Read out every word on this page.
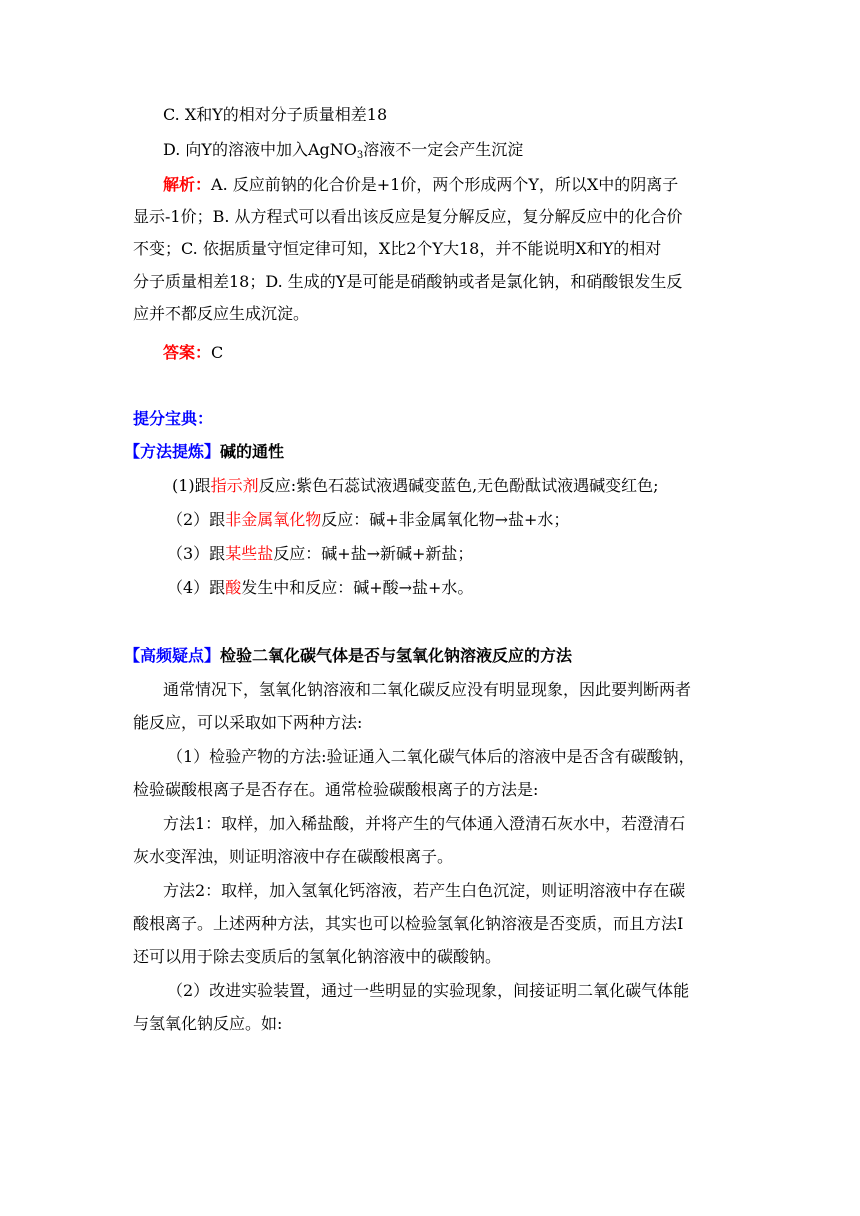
C. X和Y的相对分子质量相差18
D. 向Y的溶液中加入AgNO$_3$溶液不一定会产生沉淀
解析：A. 反应前钠的化合价是+1价，两个形成两个Y，所以X中的阴离子
显示-1价；B. 从方程式可以看出该反应是复分解反应，复分解反应中的化合价
不变；C. 依据质量守恒定律可知，X比2个Y大18，并不能说明X和Y的相对
分子质量相差18；D. 生成的Y是可能是硝酸钠或者是氯化钠，和硝酸银发生反
应并不都反应生成沉淀。
答案：C
提分宝典：
【方法提炼】碱的通性
(1)跟指示剂反应:紫色石蕊试液遇碱变蓝色,无色酚酞试液遇碱变红色;
（2）跟非金属氧化物反应：碱+非金属氧化物→盐+水；
（3）跟某些盐反应：碱+盐→新碱+新盐；
（4）跟酸发生中和反应：碱+酸→盐+水。
【高频疑点】检验二氧化碳气体是否与氢氧化钠溶液反应的方法
通常情况下，氢氧化钠溶液和二氧化碳反应没有明显现象，因此要判断两者
能反应，可以采取如下两种方法:
（1）检验产物的方法:验证通入二氧化碳气体后的溶液中是否含有碳酸钠，
检验碳酸根离子是否存在。通常检验碳酸根离子的方法是:
方法1：取样，加入稀盐酸，并将产生的气体通入澄清石灰水中，若澄清石
灰水变浑浊，则证明溶液中存在碳酸根离子。
方法2：取样，加入氢氧化钙溶液，若产生白色沉淀，则证明溶液中存在碳
酸根离子。上述两种方法，其实也可以检验氢氧化钠溶液是否变质，而且方法I
还可以用于除去变质后的氢氧化钠溶液中的碳酸钠。
（2）改进实验装置，通过一些明显的实验现象，间接证明二氧化碳气体能
与氢氧化钠反应。如:
